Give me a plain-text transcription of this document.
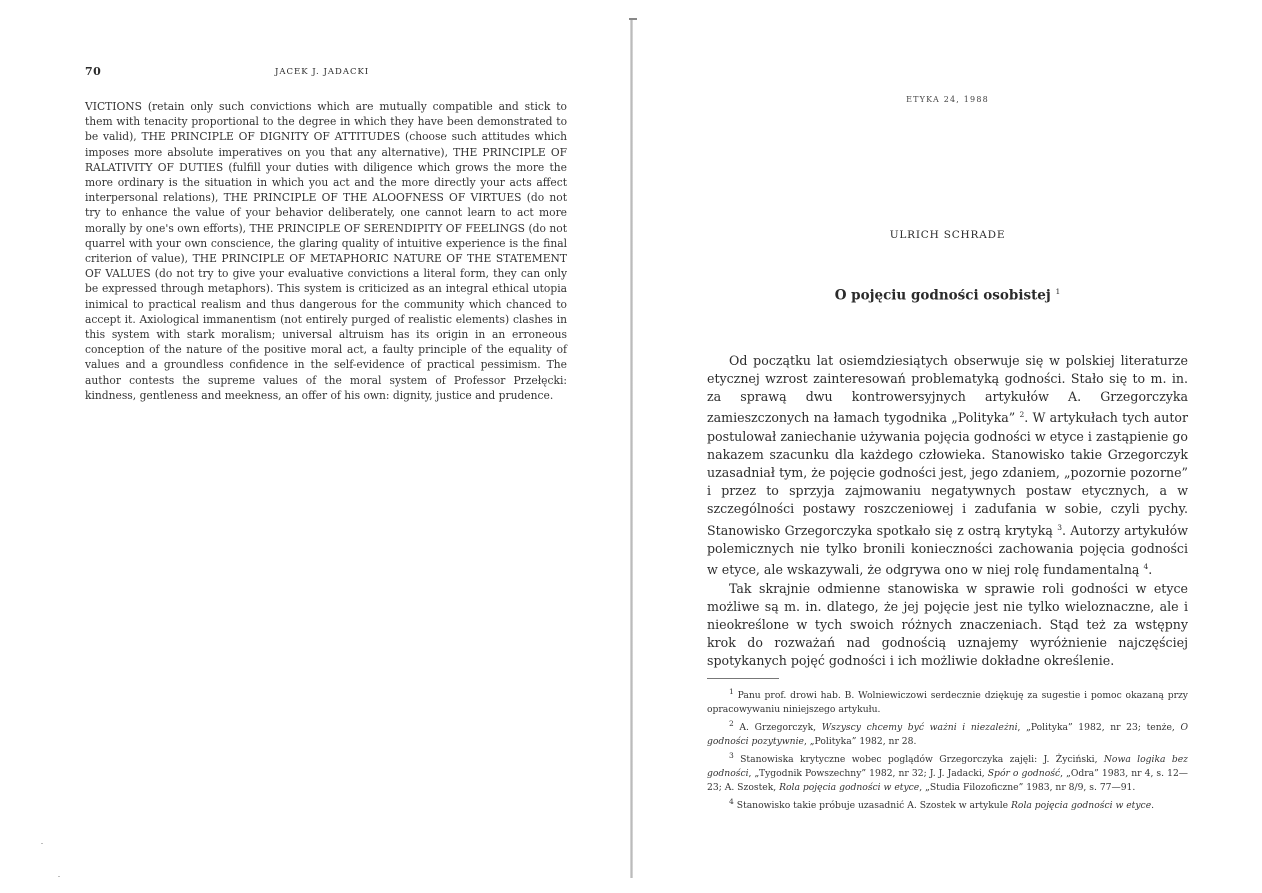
70	JACEK J. JADACKI

VICTIONS (retain only such convictions which are mutually compatible and stick to them with tenacity proportional to the degree in which they have been demonstrated to be valid), THE PRINCIPLE OF DIGNITY OF ATTITUDES (choose such attitudes which imposes more absolute imperatives on you that any alternative), THE PRINCIPLE OF RALATIVITY OF DUTIES (fulfill your duties with diligence which grows the more the more ordinary is the situation in which you act and the more directly your acts affect interpersonal relations), THE PRINCIPLE OF THE ALOOFNESS OF VIRTUES (do not try to enhance the value of your behavior deliberately, one cannot learn to act more morally by one's own efforts), THE PRINCIPLE OF SERENDIPITY OF FEELINGS (do not quarrel with your own conscience, the glaring quality of intuitive experience is the final criterion of value), THE PRINCIPLE OF METAPHORIC NATURE OF THE STATEMENT OF VALUES (do not try to give your evaluative convictions a literal form, they can only be expressed through metaphors). This system is criticized as an integral ethical utopia inimical to practical realism and thus dangerous for the community which chanced to accept it. Axiological immanentism (not entirely purged of realistic elements) clashes in this system with stark moralism; universal altruism has its origin in an erroneous conception of the nature of the positive moral act, a faulty principle of the equality of values and a groundless confidence in the self-evidence of practical pessimism. The author contests the supreme values of the moral system of Professor Przełęcki: kindness, gentleness and meekness, an offer of his own: dignity, justice and prudence.

ETYKA 24, 1988
ULRICH SCHRADE
O pojęciu godności osobistej $^1$

Od początku lat osiemdziesiątych obserwuje się w polskiej literaturze etycznej wzrost zainteresowań problematyką godności. Stało się to m. in. za sprawą dwu kontrowersyjnych artykułów A. Grzegorczyka zamieszczonych na łamach tygodnika „Polityka” $^2$. W artykułach tych autor postulował zaniechanie używania pojęcia godności w etyce i zastąpienie go nakazem szacunku dla każdego człowieka. Stanowisko takie Grzegorczyk uzasadniał tym, że pojęcie godności jest, jego zdaniem, „pozornie pozorne” i przez to sprzyja zajmowaniu negatywnych postaw etycznych, a w szczególności postawy roszczeniowej i zadufania w sobie, czyli pychy. Stanowisko Grzegorczyka spotkało się z ostrą krytyką $^3$. Autorzy artykułów polemicznych nie tylko bronili konieczności zachowania pojęcia godności w etyce, ale wskazywali, że odgrywa ono w niej rolę fundamentalną $^4$.

Tak skrajnie odmienne stanowiska w sprawie roli godności w etyce możliwe są m. in. dlatego, że jej pojęcie jest nie tylko wieloznaczne, ale i nieokreślone w tych swoich różnych znaczeniach. Stąd też za wstępny krok do rozważań nad godnością uznajemy wyróżnienie najczęściej spotykanych pojęć godności i ich możliwie dokładne określenie.

$^1$ Panu prof. drowi hab. B. Wolniewiczowi serdecznie dziękuję za sugestie i pomoc okazaną przy opracowywaniu niniejszego artykułu.

$^2$ A. Grzegorczyk, Wszyscy chcemy być ważni i niezależni, „Polityka” 1982, nr 23; tenże, O godności pozytywnie, „Polityka” 1982, nr 28.

$^3$ Stanowiska krytyczne wobec poglądów Grzegorczyka zajęli: J. Życiński, Nowa logika bez godności, „Tygodnik Powszechny” 1982, nr 32; J. J. Jadacki, Spór o godność, „Odra” 1983, nr 4, s. 12—23; A. Szostek, Rola pojęcia godności w etyce, „Studia Filozoficzne” 1983, nr 8/9, s. 77—91.

$^4$ Stanowisko takie próbuje uzasadnić A. Szostek w artykule Rola pojęcia godności w etyce.
